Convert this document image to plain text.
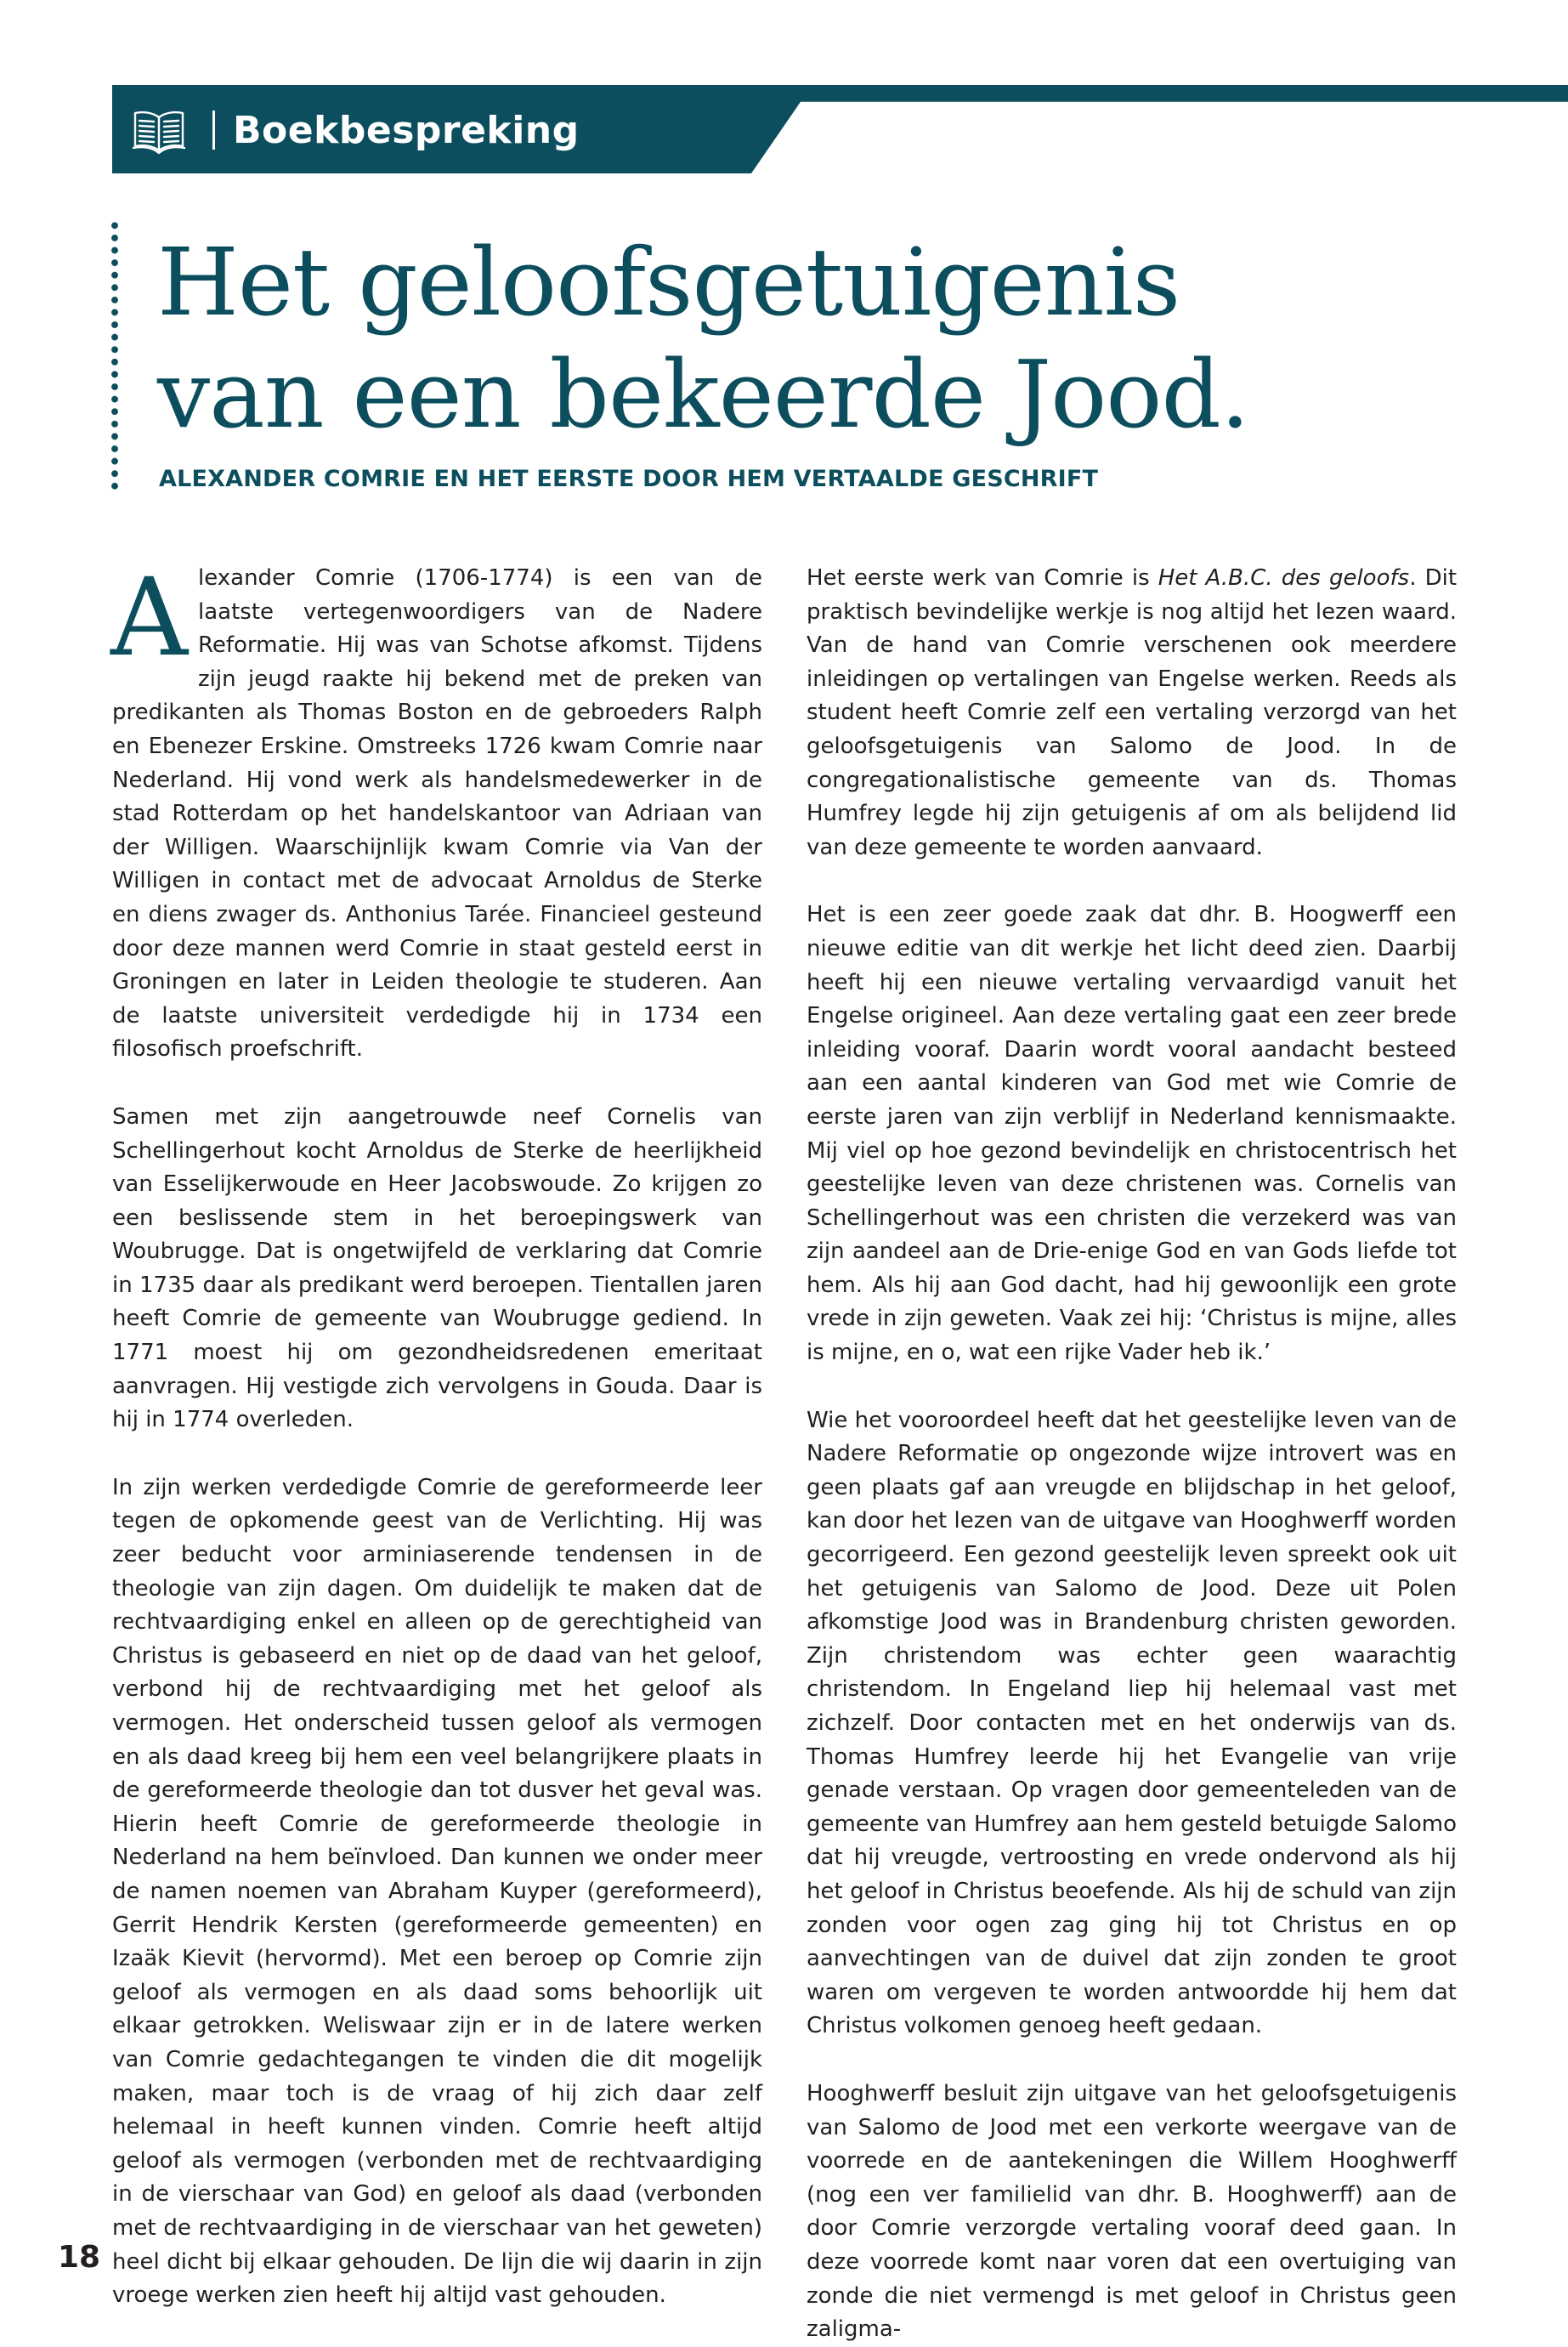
Boekbespreking
Het geloofsgetuigenis
van een bekeerde Jood.
ALEXANDER COMRIE EN HET EERSTE DOOR HEM VERTAALDE GESCHRIFT

Alexander Comrie (1706-1774) is een van de laatste vertegenwoordigers van de Nadere Reformatie. Hij was van Schotse afkomst. Tijdens zijn jeugd raakte hij bekend met de preken van predikanten als Thomas Boston en de gebroeders Ralph en Ebenezer Erskine. Omstreeks 1726 kwam Comrie naar Nederland. Hij vond werk als handelsmedewerker in de stad Rotterdam op het handelskantoor van Adriaan van der Willigen. Waarschijnlijk kwam Comrie via Van der Willigen in contact met de advocaat Arnoldus de Sterke en diens zwager ds. Anthonius Tarée. Financieel gesteund door deze mannen werd Comrie in staat gesteld eerst in Groningen en later in Leiden theologie te studeren. Aan de laatste universiteit verdedigde hij in 1734 een filosofisch proefschrift.

Samen met zijn aangetrouwde neef Cornelis van Schellingerhout kocht Arnoldus de Sterke de heerlijkheid van Esselijkerwoude en Heer Jacobswoude. Zo krijgen zo een beslissende stem in het beroepingswerk van Woubrugge. Dat is ongetwijfeld de verklaring dat Comrie in 1735 daar als predikant werd beroepen. Tientallen jaren heeft Comrie de gemeente van Woubrugge gediend. In 1771 moest hij om gezondheidsredenen emeritaat aanvragen. Hij vestigde zich vervolgens in Gouda. Daar is hij in 1774 overleden.

In zijn werken verdedigde Comrie de gereformeerde leer tegen de opkomende geest van de Verlichting. Hij was zeer beducht voor arminiaserende tendensen in de theologie van zijn dagen. Om duidelijk te maken dat de rechtvaardiging enkel en alleen op de gerechtigheid van Christus is gebaseerd en niet op de daad van het geloof, verbond hij de rechtvaardiging met het geloof als vermogen. Het onderscheid tussen geloof als vermogen en als daad kreeg bij hem een veel belangrijkere plaats in de gereformeerde theologie dan tot dusver het geval was. Hierin heeft Comrie de gereformeerde theologie in Nederland na hem beïnvloed. Dan kunnen we onder meer de namen noemen van Abraham Kuyper (gereformeerd), Gerrit Hendrik Kersten (gereformeerde gemeenten) en Izaäk Kievit (hervormd). Met een beroep op Comrie zijn geloof als vermogen en als daad soms behoorlijk uit elkaar getrokken. Weliswaar zijn er in de latere werken van Comrie gedachtegangen te vinden die dit mogelijk maken, maar toch is de vraag of hij zich daar zelf helemaal in heeft kunnen vinden. Comrie heeft altijd geloof als vermogen (verbonden met de rechtvaardiging in de vierschaar van God) en geloof als daad (verbonden met de rechtvaardiging in de vierschaar van het geweten) heel dicht bij elkaar gehouden. De lijn die wij daarin in zijn vroege werken zien heeft hij altijd vast gehouden.

Het eerste werk van Comrie is Het A.B.C. des geloofs. Dit praktisch bevindelijke werkje is nog altijd het lezen waard. Van de hand van Comrie verschenen ook meerdere inleidingen op vertalingen van Engelse werken. Reeds als student heeft Comrie zelf een vertaling verzorgd van het geloofsgetuigenis van Salomo de Jood. In de congregationalistische gemeente van ds. Thomas Humfrey legde hij zijn getuigenis af om als belijdend lid van deze gemeente te worden aanvaard.

Het is een zeer goede zaak dat dhr. B. Hoogwerff een nieuwe editie van dit werkje het licht deed zien. Daarbij heeft hij een nieuwe vertaling vervaardigd vanuit het Engelse origineel. Aan deze vertaling gaat een zeer brede inleiding vooraf. Daarin wordt vooral aandacht besteed aan een aantal kinderen van God met wie Comrie de eerste jaren van zijn verblijf in Nederland kennismaakte. Mij viel op hoe gezond bevindelijk en christocentrisch het geestelijke leven van deze christenen was. Cornelis van Schellingerhout was een christen die verzekerd was van zijn aandeel aan de Drie-enige God en van Gods liefde tot hem. Als hij aan God dacht, had hij gewoonlijk een grote vrede in zijn geweten. Vaak zei hij: ‘Christus is mijne, alles is mijne, en o, wat een rijke Vader heb ik.’

Wie het vooroordeel heeft dat het geestelijke leven van de Nadere Reformatie op ongezonde wijze introvert was en geen plaats gaf aan vreugde en blijdschap in het geloof, kan door het lezen van de uitgave van Hooghwerff worden gecorrigeerd. Een gezond geestelijk leven spreekt ook uit het getuigenis van Salomo de Jood. Deze uit Polen afkomstige Jood was in Brandenburg christen geworden. Zijn christendom was echter geen waarachtig christendom. In Engeland liep hij helemaal vast met zichzelf. Door contacten met en het onderwijs van ds. Thomas Humfrey leerde hij het Evangelie van vrije genade verstaan. Op vragen door gemeenteleden van de gemeente van Humfrey aan hem gesteld betuigde Salomo dat hij vreugde, vertroosting en vrede ondervond als hij het geloof in Christus beoefende. Als hij de schuld van zijn zonden voor ogen zag ging hij tot Christus en op aanvechtingen van de duivel dat zijn zonden te groot waren om vergeven te worden antwoordde hij hem dat Christus volkomen genoeg heeft gedaan.

Hooghwerff besluit zijn uitgave van het geloofsgetuigenis van Salomo de Jood met een verkorte weergave van de voorrede en de aantekeningen die Willem Hooghwerff (nog een ver familielid van dhr. B. Hooghwerff) aan de door Comrie verzorgde vertaling vooraf deed gaan. In deze voorrede komt naar voren dat een overtuiging van zonde die niet vermengd is met geloof in Christus geen zaligma-

18
